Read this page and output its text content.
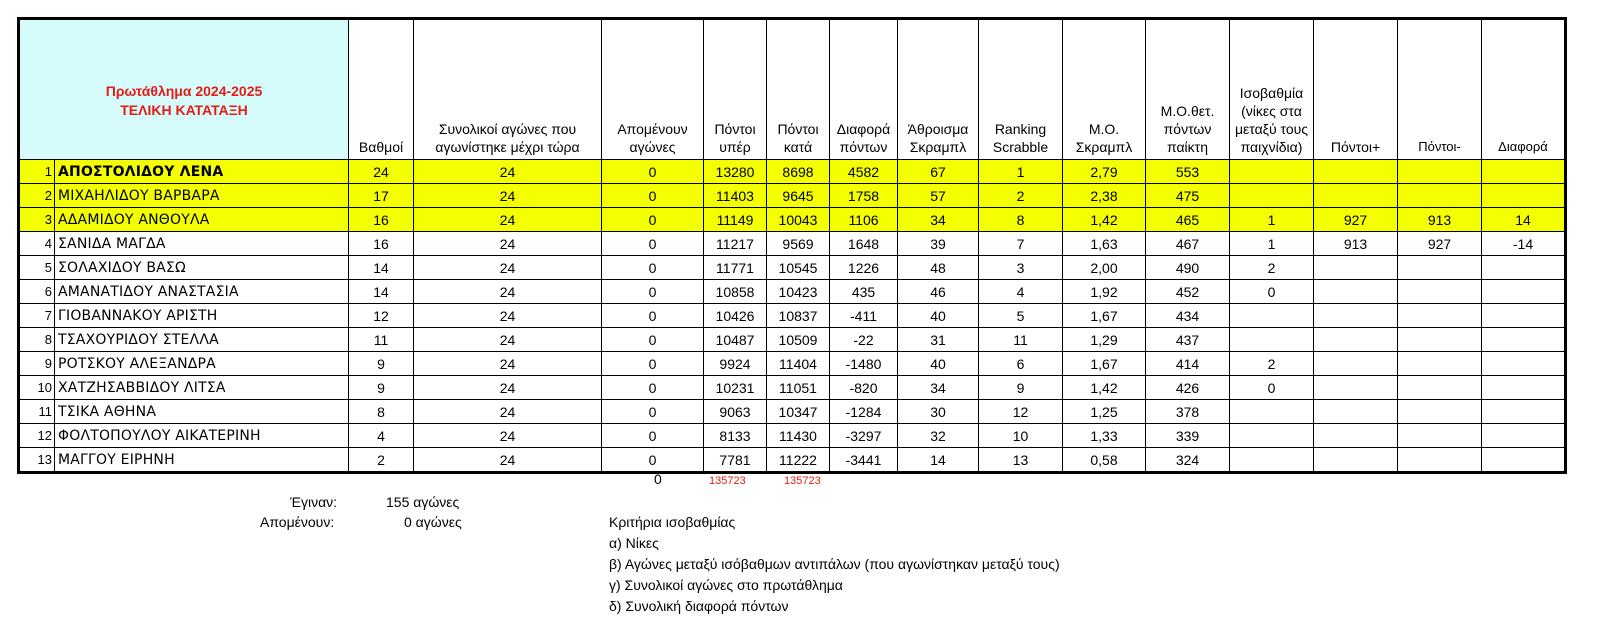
Πρωτάθλημα 2024-2025
ΤΕΛΙΚΗ ΚΑΤΑΤΑΞΗ		Βαθμοί	Συνολικοί αγώνες που αγωνίστηκε μέχρι τώρα	Απομένουν αγώνες	Πόντοι υπέρ	Πόντοι κατά	Διαφορά πόντων	Άθροισμα Σκραμπλ	Ranking Scrabble	Μ.Ο. Σκραμπλ	Μ.Ο.θετ. πόντων παίκτη	Ισοβαθμία (νίκες στα μεταξύ τους παιχνίδια)	Πόντοι+	Πόντοι-	Διαφορά
1	ΑΠΟΣΤΟΛΙΔΟΥ ΛΕΝΑ	24	24	0	13280	8698	4582	67	1	2,79	553				
2	ΜΙΧΑΗΛΙΔΟΥ ΒΑΡΒΑΡΑ	17	24	0	11403	9645	1758	57	2	2,38	475				
3	ΑΔΑΜΙΔΟΥ ΑΝΘΟΥΛΑ	16	24	0	11149	10043	1106	34	8	1,42	465	1	927	913	14
4	ΣΑΝΙΔΑ ΜΑΓΔΑ	16	24	0	11217	9569	1648	39	7	1,63	467	1	913	927	-14
5	ΣΟΛΑΧΙΔΟΥ ΒΑΣΩ	14	24	0	11771	10545	1226	48	3	2,00	490	2			
6	ΑΜΑΝΑΤΙΔΟΥ ΑΝΑΣΤΑΣΙΑ	14	24	0	10858	10423	435	46	4	1,92	452	0			
7	ΓΙΟΒΑΝΝΑΚΟΥ ΑΡΙΣΤΗ	12	24	0	10426	10837	-411	40	5	1,67	434				
8	ΤΣΑΧΟΥΡΙΔΟΥ ΣΤΕΛΛΑ	11	24	0	10487	10509	-22	31	11	1,29	437				
9	ΡΟΤΣΚΟΥ ΑΛΕΞΑΝΔΡΑ	9	24	0	9924	11404	-1480	40	6	1,67	414	2			
10	ΧΑΤΖΗΣΑΒΒΙΔΟΥ ΛΙΤΣΑ	9	24	0	10231	11051	-820	34	9	1,42	426	0			
11	ΤΣΙΚΑ ΑΘΗΝΑ	8	24	0	9063	10347	-1284	30	12	1,25	378				
12	ΦΟΛΤΟΠΟΥΛΟΥ ΑΙΚΑΤΕΡΙΝΗ	4	24	0	8133	11430	-3297	32	10	1,33	339				
13	ΜΑΓΓΟΥ ΕΙΡΗΝΗ	2	24	0	7781	11222	-3441	14	13	0,58	324				
0	135723	135723
Έγιναν:	155 αγώνες
Απομένουν:	0 αγώνες	Κριτήρια ισοβαθμίας
α) Νίκες
β) Αγώνες μεταξύ ισόβαθμων αντιπάλων (που αγωνίστηκαν μεταξύ τους)
γ) Συνολικοί αγώνες στο πρωτάθλημα
δ) Συνολική διαφορά πόντων
